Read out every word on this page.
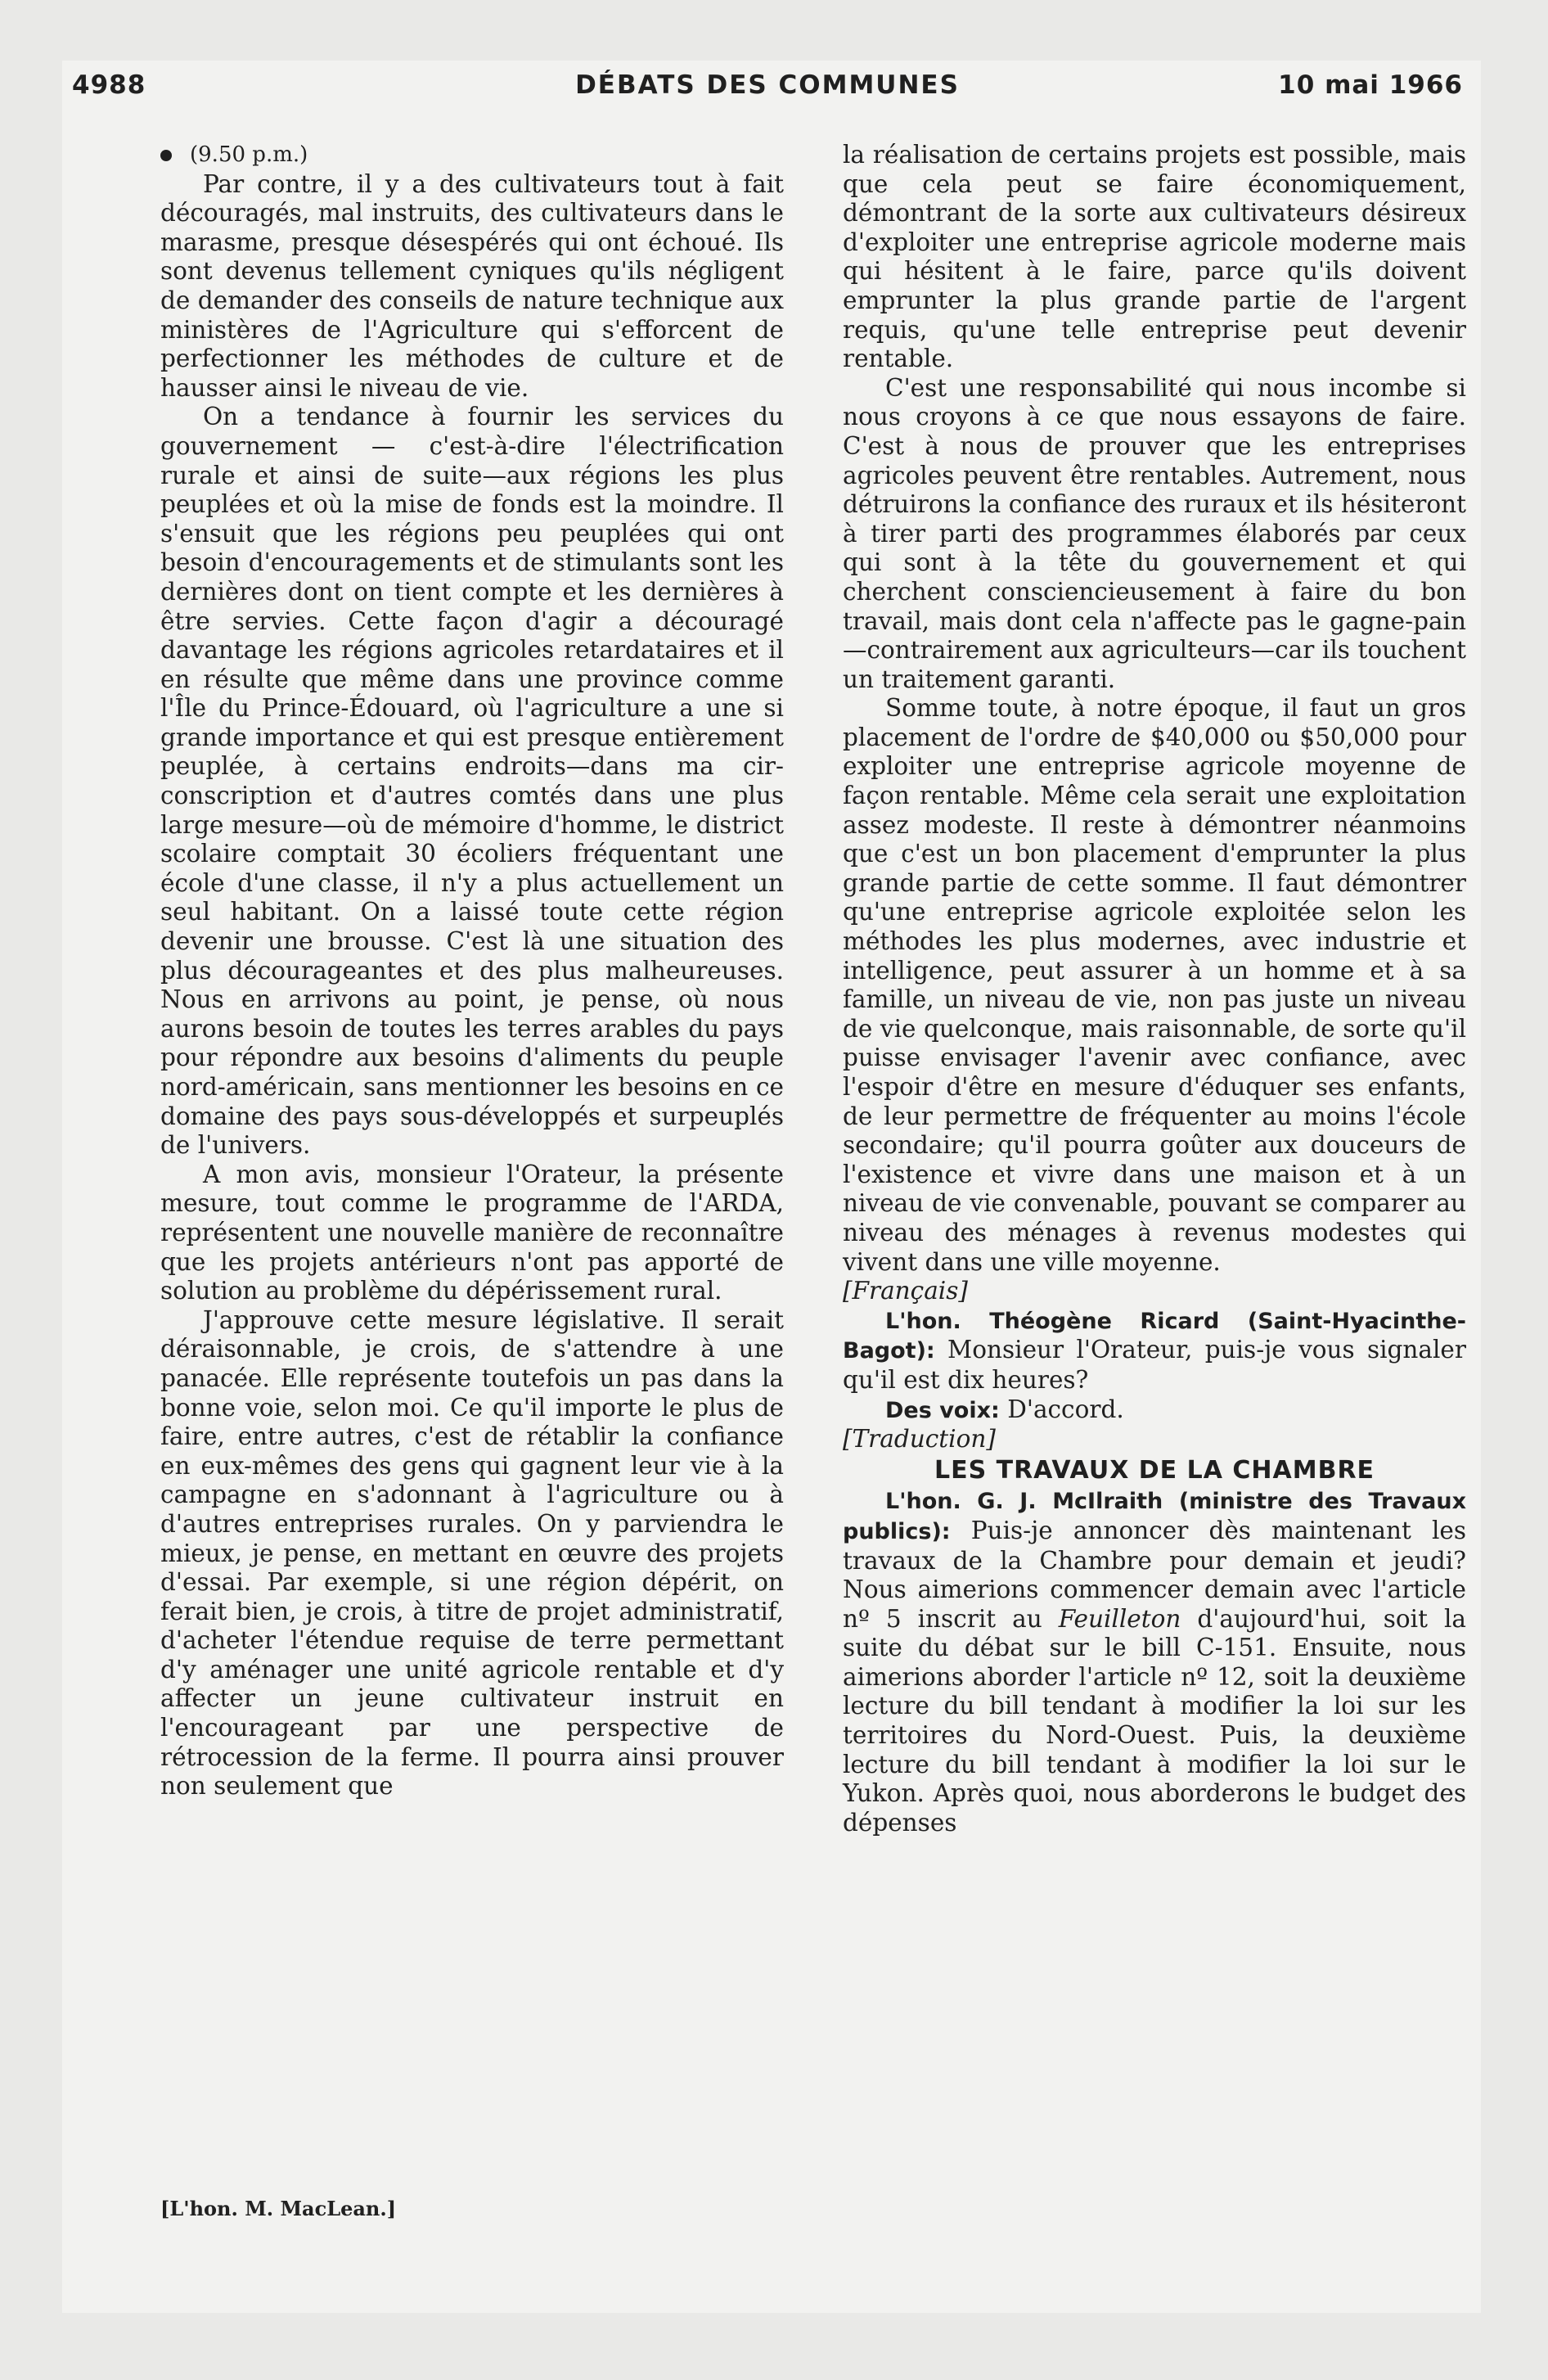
4988	DÉBATS DES COMMUNES	10 mai 1966

(9.50 p.m.)

Par contre, il y a des cultivateurs tout à fait découragés, mal instruits, des cultivateurs dans le marasme, presque désespérés qui ont échoué. Ils sont devenus tellement cyniques qu'ils négligent de demander des conseils de nature technique aux ministères de l'Agriculture qui s'efforcent de perfectionner les méthodes de culture et de hausser ainsi le niveau de vie.

On a tendance à fournir les services du gouvernement — c'est-à-dire l'électrification rurale et ainsi de suite—aux régions les plus peuplées et où la mise de fonds est la moindre. Il s'ensuit que les régions peu peuplées qui ont besoin d'encouragements et de stimulants sont les dernières dont on tient compte et les dernières à être servies. Cette façon d'agir a découragé davantage les régions agricoles retardataires et il en résulte que même dans une province comme l'Île du Prince-Édouard, où l'agriculture a une si grande importance et qui est presque entièrement peuplée, à certains endroits—dans ma circonscription et d'autres comtés dans une plus large mesure—où de mémoire d'homme, le district scolaire comptait 30 écoliers fréquentant une école d'une classe, il n'y a plus actuellement un seul habitant. On a laissé toute cette région devenir une brousse. C'est là une situation des plus décourageantes et des plus malheureuses. Nous en arrivons au point, je pense, où nous aurons besoin de toutes les terres arables du pays pour répondre aux besoins d'aliments du peuple nord-américain, sans mentionner les besoins en ce domaine des pays sous-développés et surpeuplés de l'univers.

A mon avis, monsieur l'Orateur, la présente mesure, tout comme le programme de l'ARDA, représentent une nouvelle manière de reconnaître que les projets antérieurs n'ont pas apporté de solution au problème du dépérissement rural.

J'approuve cette mesure législative. Il serait déraisonnable, je crois, de s'attendre à une panacée. Elle représente toutefois un pas dans la bonne voie, selon moi. Ce qu'il importe le plus de faire, entre autres, c'est de rétablir la confiance en eux-mêmes des gens qui gagnent leur vie à la campagne en s'adonnant à l'agriculture ou à d'autres entreprises rurales. On y parviendra le mieux, je pense, en mettant en œuvre des projets d'essai. Par exemple, si une région dépérit, on ferait bien, je crois, à titre de projet administratif, d'acheter l'étendue requise de terre permettant d'y aménager une unité agricole rentable et d'y affecter un jeune cultivateur instruit en l'encourageant par une perspective de rétrocession de la ferme. Il pourra ainsi prouver non seulement que

la réalisation de certains projets est possible, mais que cela peut se faire économiquement, démontrant de la sorte aux cultivateurs désireux d'exploiter une entreprise agricole moderne mais qui hésitent à le faire, parce qu'ils doivent emprunter la plus grande partie de l'argent requis, qu'une telle entreprise peut devenir rentable.

C'est une responsabilité qui nous incombe si nous croyons à ce que nous essayons de faire. C'est à nous de prouver que les entreprises agricoles peuvent être rentables. Autrement, nous détruirons la confiance des ruraux et ils hésiteront à tirer parti des programmes élaborés par ceux qui sont à la tête du gouvernement et qui cherchent consciencieusement à faire du bon travail, mais dont cela n'affecte pas le gagne-pain—contrairement aux agriculteurs—car ils touchent un traitement garanti.

Somme toute, à notre époque, il faut un gros placement de l'ordre de $40,000 ou $50,000 pour exploiter une entreprise agricole moyenne de façon rentable. Même cela serait une exploitation assez modeste. Il reste à démontrer néanmoins que c'est un bon placement d'emprunter la plus grande partie de cette somme. Il faut démontrer qu'une entreprise agricole exploitée selon les méthodes les plus modernes, avec industrie et intelligence, peut assurer à un homme et à sa famille, un niveau de vie, non pas juste un niveau de vie quelconque, mais raisonnable, de sorte qu'il puisse envisager l'avenir avec confiance, avec l'espoir d'être en mesure d'éduquer ses enfants, de leur permettre de fréquenter au moins l'école secondaire; qu'il pourra goûter aux douceurs de l'existence et vivre dans une maison et à un niveau de vie convenable, pouvant se comparer au niveau des ménages à revenus modestes qui vivent dans une ville moyenne.

[Français]

L'hon. Théogène Ricard (Saint-Hyacinthe-Bagot): Monsieur l'Orateur, puis-je vous signaler qu'il est dix heures?

Des voix: D'accord.

[Traduction]

LES TRAVAUX DE LA CHAMBRE

L'hon. G. J. McIlraith (ministre des Travaux publics): Puis-je annoncer dès maintenant les travaux de la Chambre pour demain et jeudi? Nous aimerions commencer demain avec l'article nº 5 inscrit au Feuilleton d'aujourd'hui, soit la suite du débat sur le bill C-151. Ensuite, nous aimerions aborder l'article nº 12, soit la deuxième lecture du bill tendant à modifier la loi sur les territoires du Nord-Ouest. Puis, la deuxième lecture du bill tendant à modifier la loi sur le Yukon. Après quoi, nous aborderons le budget des dépenses

[L'hon. M. MacLean.]
